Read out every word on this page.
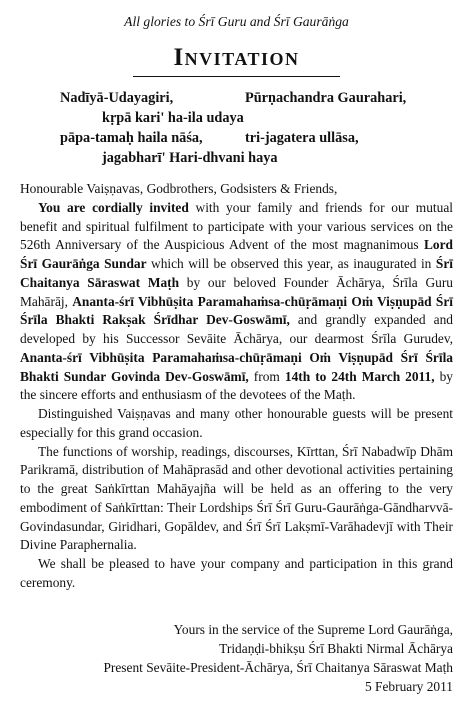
All glories to Śrī Guru and Śrī Gaurāṅga
Invitation
Nadīyā-Udayagiri,	Pūrṇachandra Gaurahari,
kṛpā kari' ha-ila udaya
pāpa-tamaḥ haila nāśa,	tri-jagatera ullāsa,
jagabharī' Hari-dhvani haya

Honourable Vaiṣṇavas, Godbrothers, Godsisters & Friends,

You are cordially invited with your family and friends for our mutual benefit and spiritual fulfilment to participate with your various services on the 526th Anniversary of the Auspicious Advent of the most magnanimous Lord Śrī Gaurāṅga Sundar which will be observed this year, as inaugurated in Śrī Chaitanya Sāraswat Maṭh by our beloved Founder Āchārya, Śrīla Guru Mahārāj, Ananta-śrī Vibhūṣita Paramahaṁsa-chūṛāmaṇi Oṁ Viṣṇupād Śrī Śrīla Bhakti Rakṣak Śrīdhar Dev-Goswāmī, and grandly expanded and developed by his Successor Sevāite Āchārya, our dearmost Śrīla Gurudev, Ananta-śrī Vibhūṣita Paramahaṁsa-chūṛāmaṇi Oṁ Viṣṇupād Śrī Śrīla Bhakti Sundar Govinda Dev-Goswāmī, from 14th to 24th March 2011, by the sincere efforts and enthusiasm of the devotees of the Maṭh.

Distinguished Vaiṣṇavas and many other honourable guests will be present especially for this grand occasion.

The functions of worship, readings, discourses, Kīrttan, Śrī Nabadwīp Dhām Parikramā, distribution of Mahāprasād and other devotional activities pertaining to the great Saṅkīrttan Mahāyajña will be held as an offering to the very embodiment of Saṅkīrttan: Their Lordships Śrī Śrī Guru-Gaurāṅga-Gāndharvvā-Govindasundar, Giridhari, Gopāldev, and Śrī Śrī Lakṣmī-Varāhadevjī with Their Divine Paraphernalia.

We shall be pleased to have your company and participation in this grand ceremony.

Yours in the service of the Supreme Lord Gaurāṅga,
Tridaṇḍi-bhikṣu Śrī Bhakti Nirmal Āchārya
Present Sevāite-President-Āchārya, Śrī Chaitanya Sāraswat Maṭh
5 February 2011
